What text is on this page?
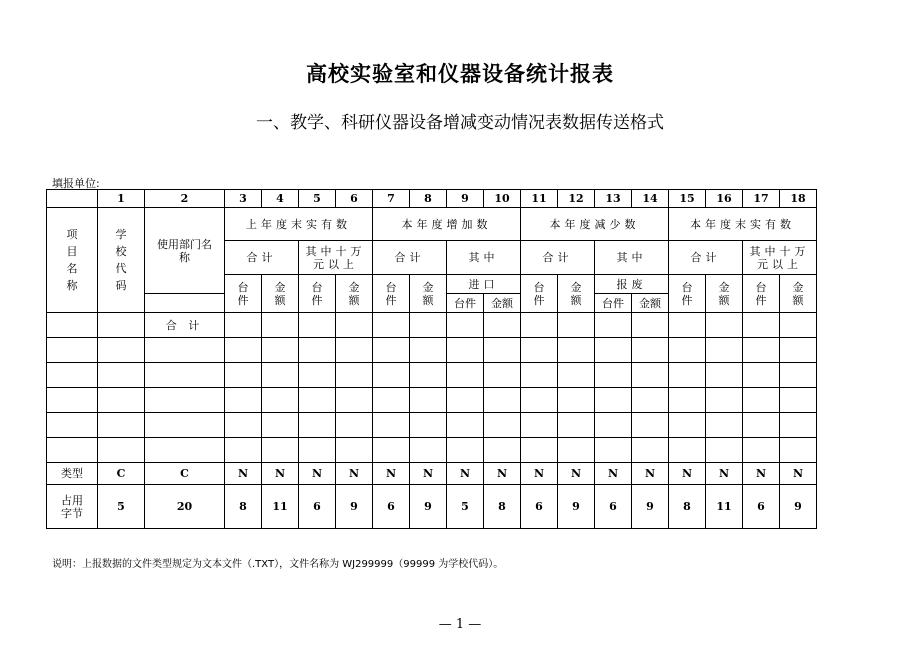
高校实验室和仪器设备统计报表
一、教学、科研仪器设备增减变动情况表数据传送格式
填报单位:
	1	2	3	4	5	6	7	8	9	10	11	12	13	14	15	16	17	18
项目名称	学校代码	使用部门名称	上年度末实有数				本年度增加数				本年度减少数				本年度末实有数			
			合计		其中十万元以上		合计		其中		合计		其中		合计		其中十万元以上	
			台件	金额	台件	金额	台件	金额	进口		台件	金额	报废		台件	金额	台件	金额
									台件	金额			台件	金额				
		合 计																

类型	C	C	N	N	N	N	N	N	N	N	N	N	N	N	N	N	N	N
占用字节	5	20	8	11	6	9	6	9	5	8	6	9	6	9	8	11	6	9
说明：上报数据的文件类型规定为文本文件（.TXT），文件名称为 WJ299999（99999 为学校代码）。
— 1 —
